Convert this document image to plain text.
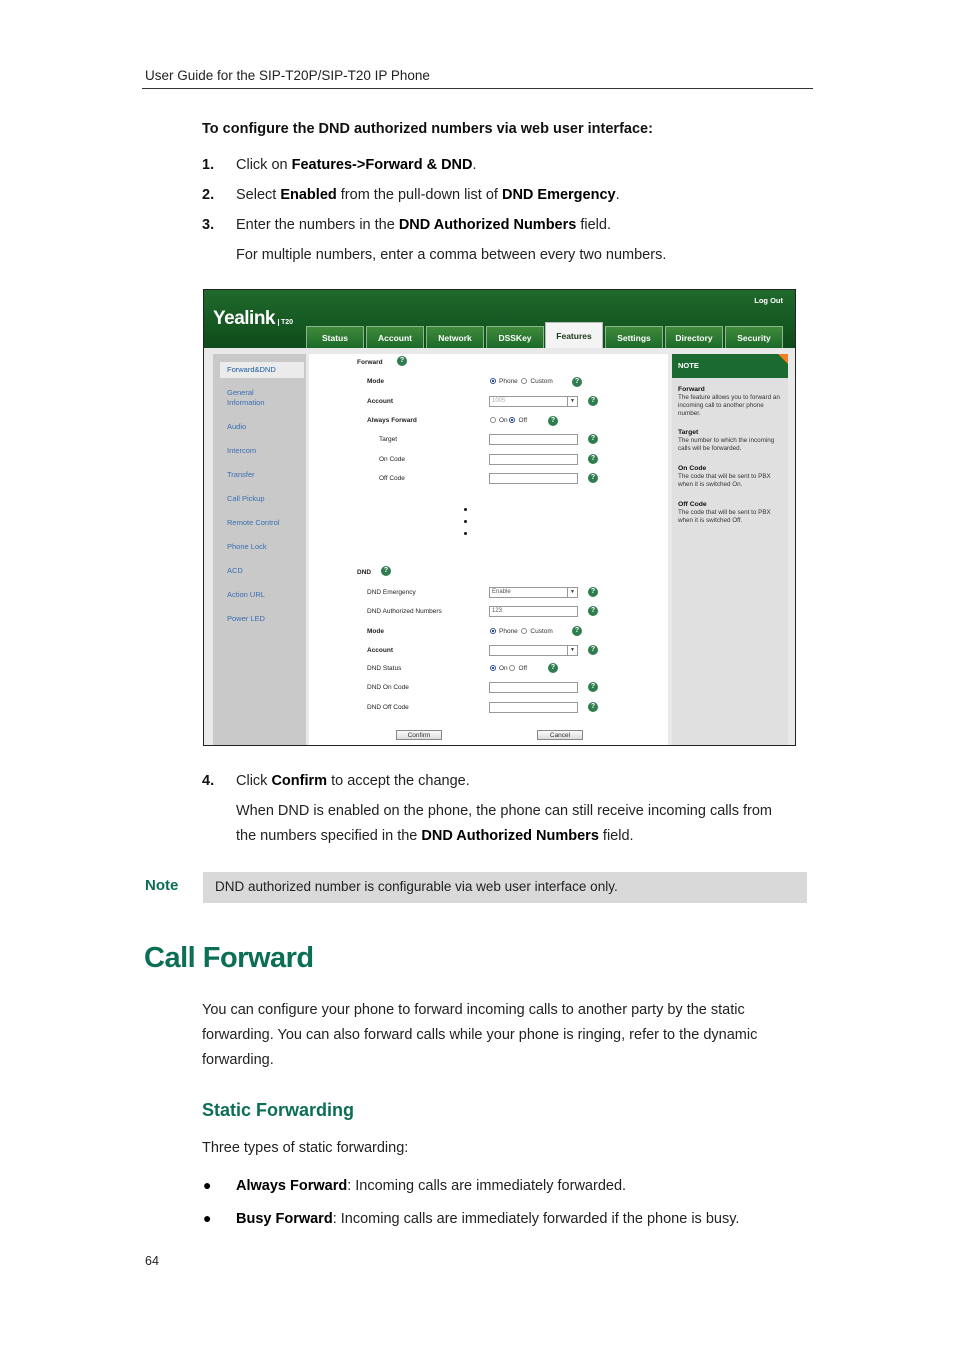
User Guide for the SIP-T20P/SIP-T20 IP Phone
To configure the DND authorized numbers via web user interface:
1. Click on Features->Forward & DND.
2. Select Enabled from the pull-down list of DND Emergency.
3. Enter the numbers in the DND Authorized Numbers field.
For multiple numbers, enter a comma between every two numbers.
Yealink T20
Log Out
Status	Account	Network	DSSKey	Features	Settings	Directory	Security
Forward&DND
General
Information
Audio
Intercom
Transfer
Call Pickup
Remote Control
Phone Lock
ACD
Action URL
Power LED
Forward	?
Mode	Phone Custom	?
Account	1005	▼	?
Always Forward	On Off	?
Target	?
On Code	?
Off Code	?
DND	?
DND Emergency	Enable	▼	?
DND Authorized Numbers	123	?
Mode	Phone Custom	?
Account	▼	?
DND Status	On Off	?
DND On Code	?
DND Off Code	?
Confirm	Cancel
NOTE
Forward
The feature allows you to forward an incoming call to another phone number.
Target
The number to which the incoming calls will be forwarded.
On Code
The code that will be sent to PBX when it is switched On.
Off Code
The code that will be sent to PBX when it is switched Off.
4. Click Confirm to accept the change.
When DND is enabled on the phone, the phone can still receive incoming calls from
the numbers specified in the DND Authorized Numbers field.
Note	DND authorized number is configurable via web user interface only.
Call Forward
You can configure your phone to forward incoming calls to another party by the static
forwarding. You can also forward calls while your phone is ringing, refer to the dynamic
forwarding.
Static Forwarding
Three types of static forwarding:
● Always Forward: Incoming calls are immediately forwarded.
● Busy Forward: Incoming calls are immediately forwarded if the phone is busy.
64
